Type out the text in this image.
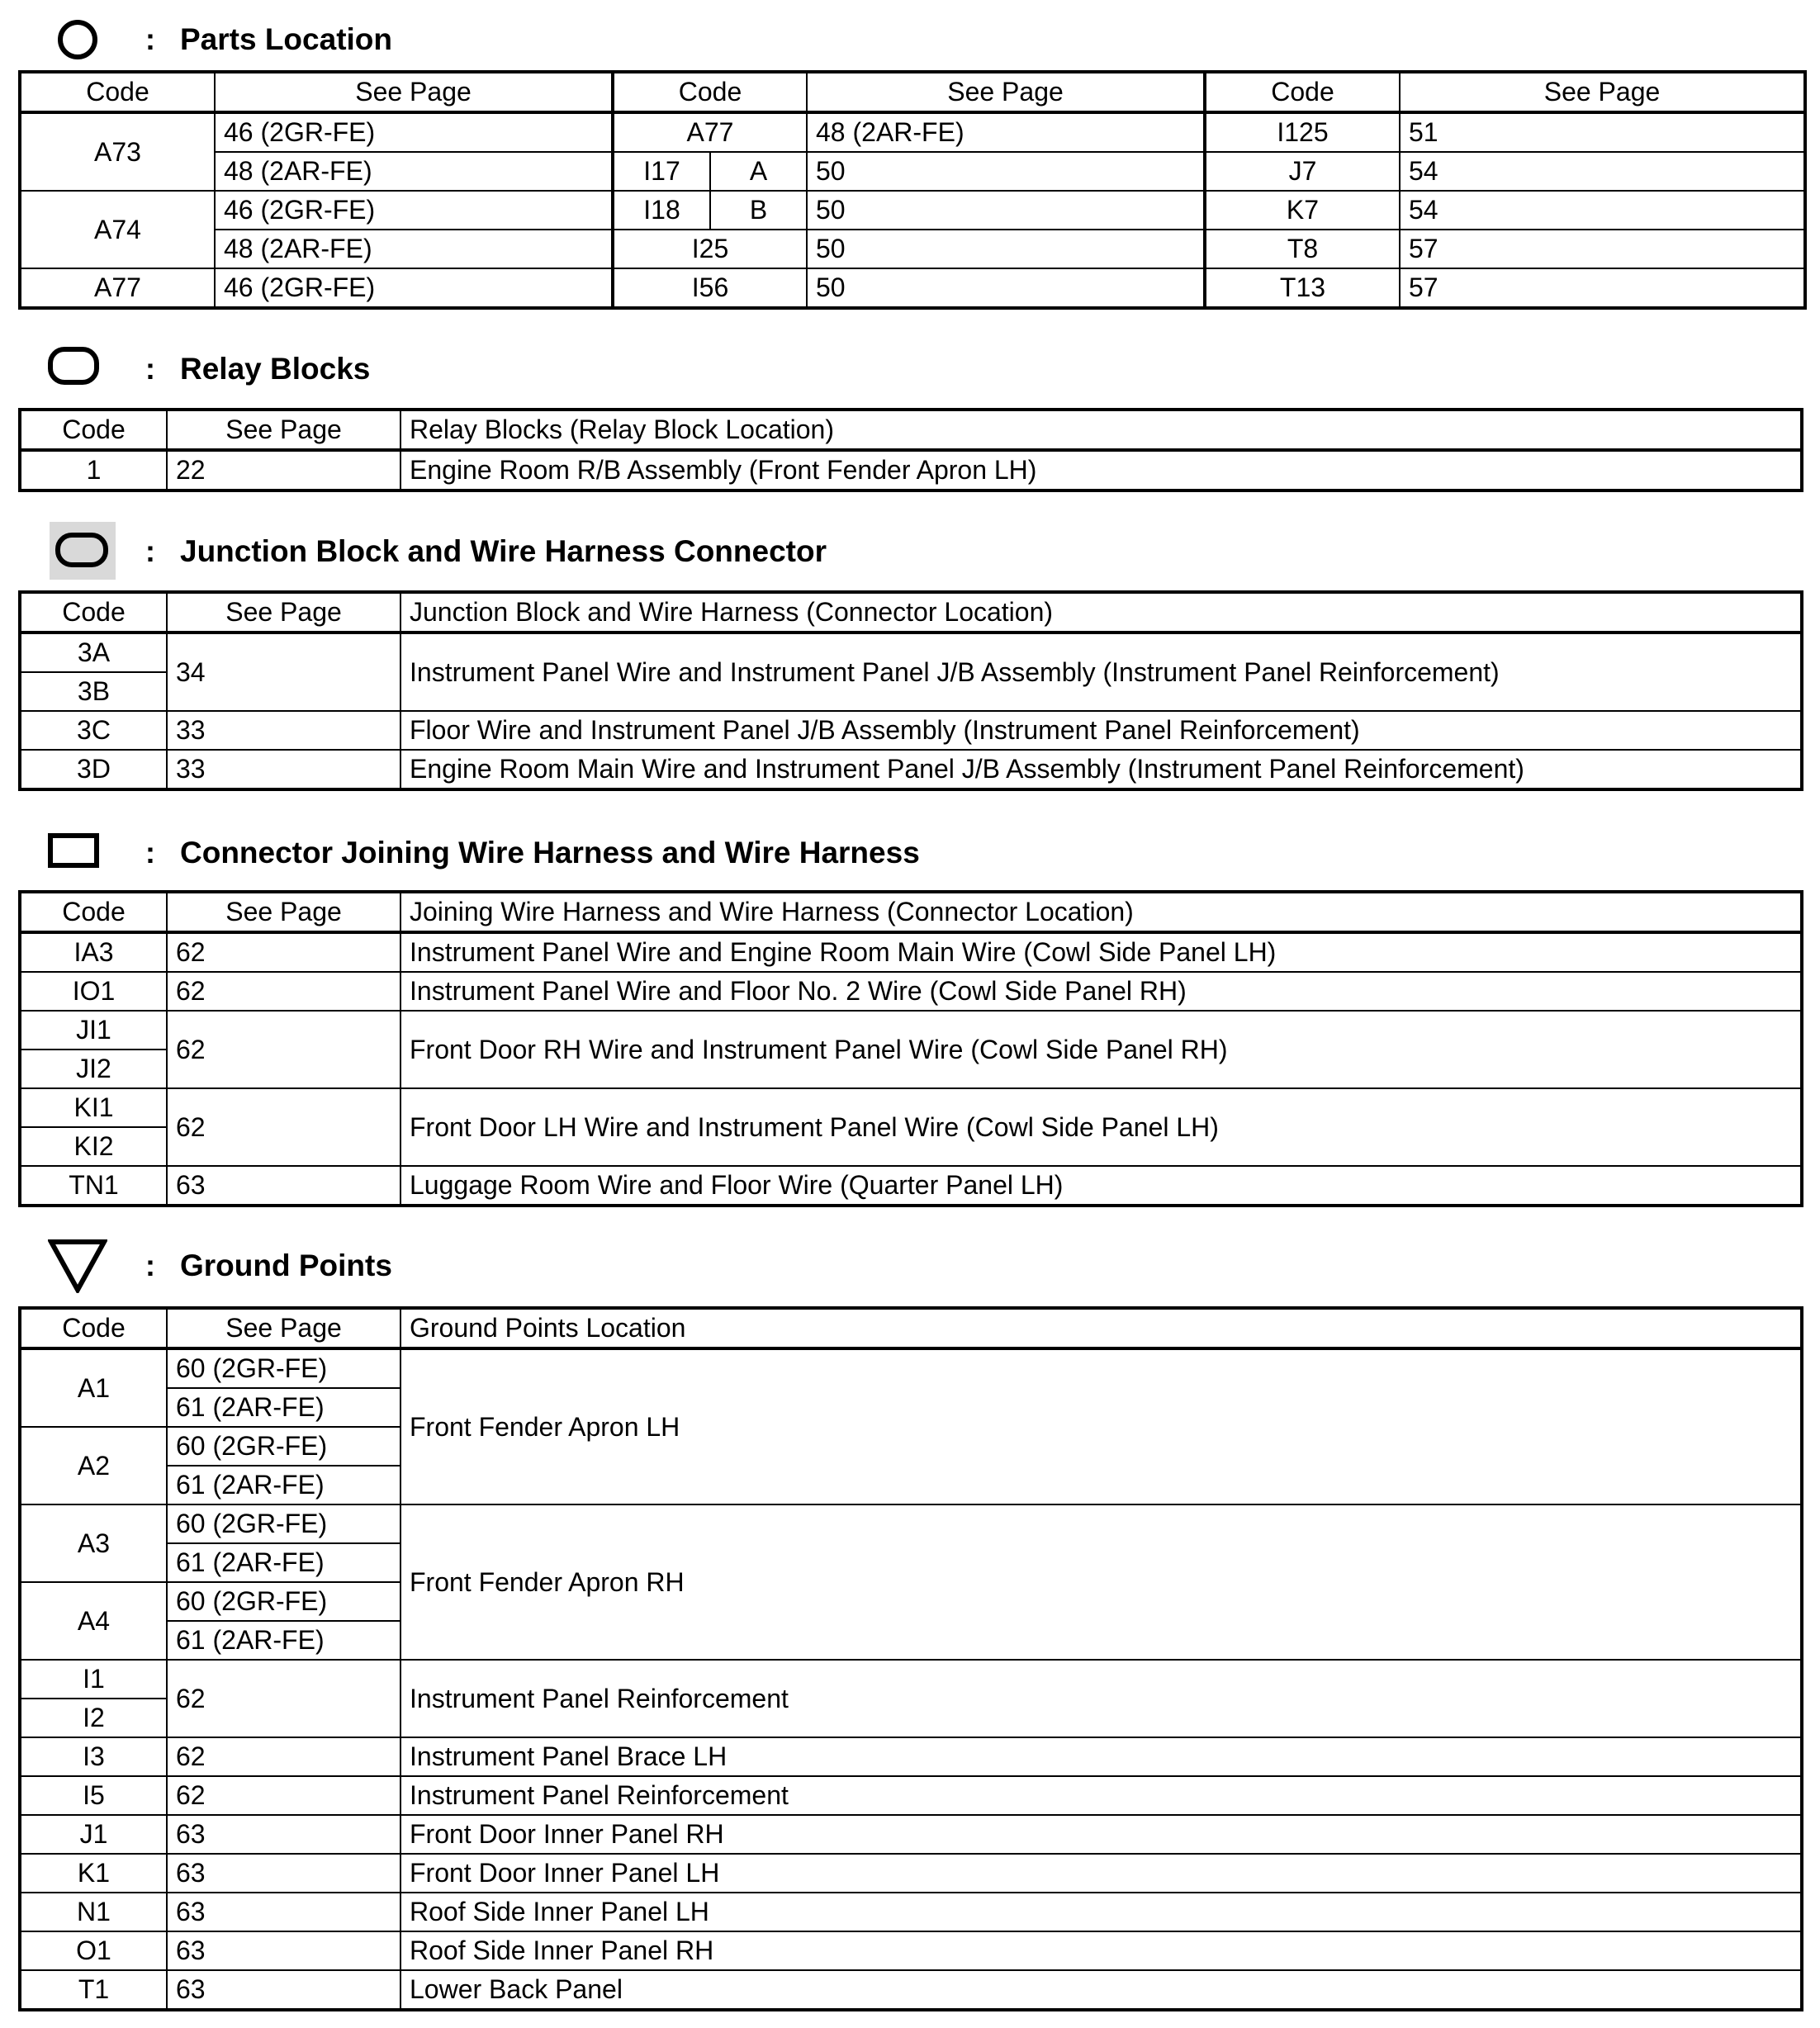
: Parts Location
Code	See Page	Code		See Page	Code	See Page
A73	46 (2GR-FE)	A77		48 (2AR-FE)	I125	51
	48 (2AR-FE)	I17	A	50	J7	54
A74	46 (2GR-FE)	I18	B	50	K7	54
	48 (2AR-FE)	I25		50	T8	57
A77	46 (2GR-FE)	I56		50	T13	57
: Relay Blocks
Code	See Page	Relay Blocks (Relay Block Location)
1	22	Engine Room R/B Assembly (Front Fender Apron LH)
: Junction Block and Wire Harness Connector
Code	See Page	Junction Block and Wire Harness (Connector Location)
3A	34	Instrument Panel Wire and Instrument Panel J/B Assembly (Instrument Panel Reinforcement)
3B		
3C	33	Floor Wire and Instrument Panel J/B Assembly (Instrument Panel Reinforcement)
3D	33	Engine Room Main Wire and Instrument Panel J/B Assembly (Instrument Panel Reinforcement)
: Connector Joining Wire Harness and Wire Harness
Code	See Page	Joining Wire Harness and Wire Harness (Connector Location)
IA3	62	Instrument Panel Wire and Engine Room Main Wire (Cowl Side Panel LH)
IO1	62	Instrument Panel Wire and Floor No. 2 Wire (Cowl Side Panel RH)
JI1	62	Front Door RH Wire and Instrument Panel Wire (Cowl Side Panel RH)
JI2		
KI1	62	Front Door LH Wire and Instrument Panel Wire (Cowl Side Panel LH)
KI2		
TN1	63	Luggage Room Wire and Floor Wire (Quarter Panel LH)
: Ground Points
Code	See Page	Ground Points Location
A1	60 (2GR-FE)	Front Fender Apron LH
	61 (2AR-FE)	
A2	60 (2GR-FE)	
	61 (2AR-FE)	
A3	60 (2GR-FE)	Front Fender Apron RH
	61 (2AR-FE)	
A4	60 (2GR-FE)	
	61 (2AR-FE)	
I1	62	Instrument Panel Reinforcement
I2		
I3	62	Instrument Panel Brace LH
I5	62	Instrument Panel Reinforcement
J1	63	Front Door Inner Panel RH
K1	63	Front Door Inner Panel LH
N1	63	Roof Side Inner Panel LH
O1	63	Roof Side Inner Panel RH
T1	63	Lower Back Panel
